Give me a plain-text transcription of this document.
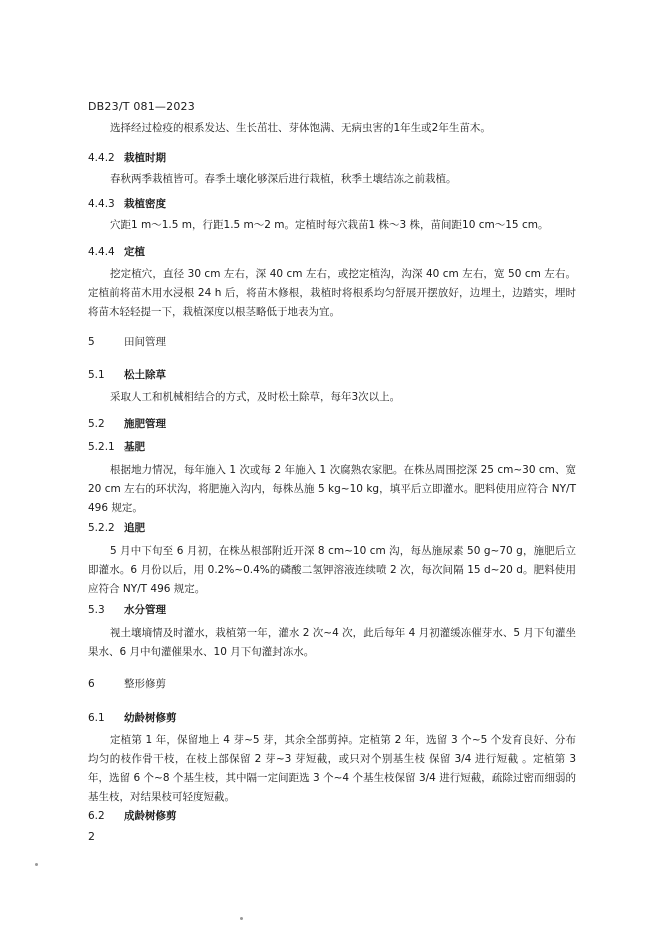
DB23/T 081—2023
选择经过检疫的根系发达、生长茁壮、芽体饱满、无病虫害的1年生或2年生苗木。
4.4.2 栽植时期
春秋两季栽植皆可。春季土壤化够深后进行栽植，秋季土壤结冻之前栽植。
4.4.3 栽植密度
穴距1 m～1.5 m，行距1.5 m～2 m。定植时每穴栽苗1 株～3 株，苗间距10 cm～15 cm。
4.4.4 定植
挖定植穴，直径 30 cm 左右，深 40 cm 左右，或挖定植沟，沟深 40 cm 左右，宽 50 cm 左右。定植前将苗木用水浸根 24 h 后，将苗木修根，栽植时将根系均匀舒展开摆放好，边埋土，边踏实，埋时将苗木轻轻提一下，栽植深度以根茎略低于地表为宜。
5	田间管理
5.1 松土除草
采取人工和机械相结合的方式，及时松土除草，每年3次以上。
5.2 施肥管理
5.2.1 基肥
根据地力情况，每年施入 1 次或每 2 年施入 1 次腐熟农家肥。在株丛周围挖深 25 cm~30 cm、宽 20 cm 左右的环状沟，将肥施入沟内，每株丛施 5 kg~10 kg，填平后立即灌水。肥料使用应符合 NY/T 496 规定。
5.2.2 追肥
5 月中下旬至 6 月初，在株丛根部附近开深 8 cm~10 cm 沟，每丛施尿素 50 g~70 g，施肥后立即灌水。6 月份以后，用 0.2%~0.4%的磷酸二氢钾溶液连续喷 2 次，每次间隔 15 d~20 d。肥料使用应符合 NY/T 496 规定。
5.3 水分管理
视土壤墒情及时灌水，栽植第一年，灌水 2 次~4 次，此后每年 4 月初灌缓冻催芽水、5 月下旬灌坐果水、6 月中旬灌催果水、10 月下旬灌封冻水。
6	整形修剪
6.1 幼龄树修剪
定植第 1 年，保留地上 4 芽~5 芽，其余全部剪掉。定植第 2 年，选留 3 个~5 个发育良好、分布均匀的枝作骨干枝，在枝上部保留 2 芽~3 芽短截，或只对个别基生枝 保留 3/4 进行短截 。定植第 3 年，选留 6 个~8 个基生枝，其中隔一定间距选 3 个~4 个基生枝保留 3/4 进行短截，疏除过密而细弱的基生枝，对结果枝可轻度短截。
6.2 成龄树修剪
2
